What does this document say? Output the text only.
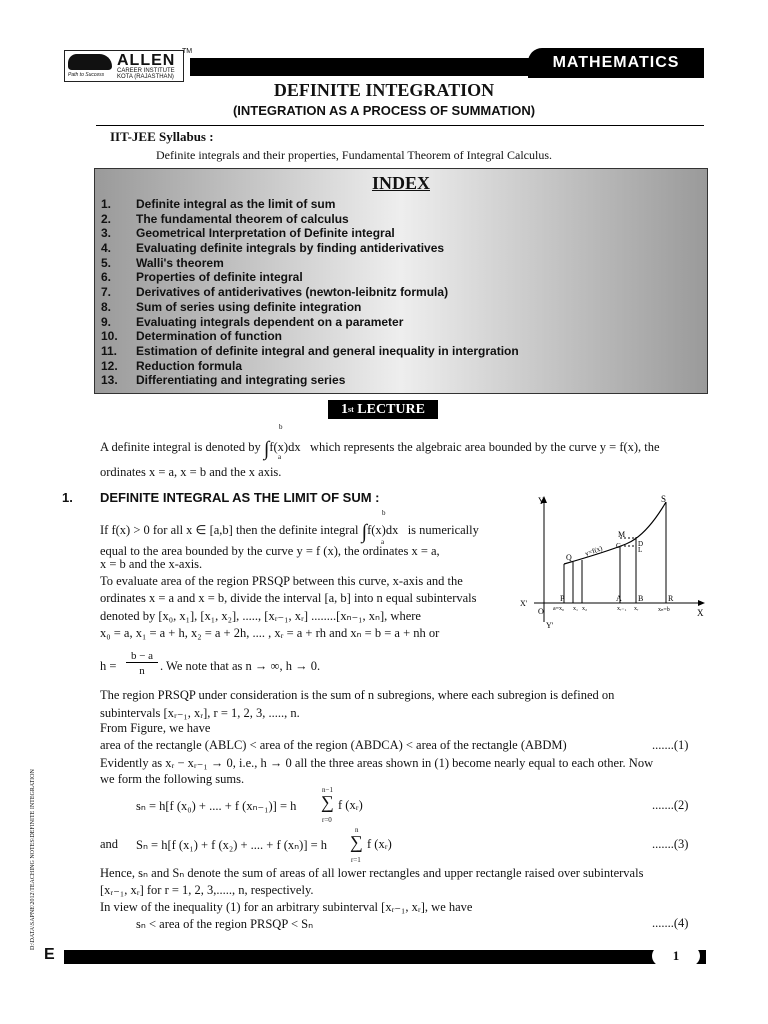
ALLEN
CAREER INSTITUTE KOTA (RAJASTHAN)
Path to Success
TM
MATHEMATICS
DEFINITE INTEGRATION
(INTEGRATION AS A PROCESS OF SUMMATION)
IIT-JEE Syllabus :
Definite integrals and their properties, Fundamental Theorem of Integral Calculus.
INDEX
1.	Definite integral as the limit of sum
2.	The fundamental theorem of calculus
3.	Geometrical Interpretation of Definite integral
4.	Evaluating definite integrals by finding antiderivatives
5.	Walli's theorem
6.	Properties of definite integral
7.	Derivatives of antiderivatives (newton-leibnitz formula)
8.	Sum of series using definite integration
9.	Evaluating integrals dependent on a parameter
10.	Determination of function
11.	Estimation of definite integral and general inequality in intergration
12.	Reduction formula
13.	Differentiating and integrating series
1 st
LECTURE
b
A definite integral is denoted by ∫f(x)dx which represents the algebraic area bounded by the curve y = f(x), the
a
ordinates x = a, x = b and the x axis.
1. DEFINITE INTEGRAL AS THE LIMIT OF SUM :
If f(x) > 0 for all x ∈ [a,b] then the definite integral ∫f(x)dx is numerically
b
a
equal to the area bounded by the curve y = f (x), the ordinates x = a,
x = b and the x-axis.
To evaluate area of the region PRSQP between this curve, x-axis and the
ordinates x = a and x = b, divide the interval [a, b] into n equal subintervals
denoted by [x₀, x₁], [x₁, x₂], ....., [xᵣ₋₁, xᵣ] ........[xₙ₋₁, xₙ], where
x₀ = a, x₁ = a + h, x₂ = a + 2h, .... , xᵣ = a + rh and xₙ = b = a + nh or
h =
b − a
n	. We note that as n → ∞, h → 0.
The region PRSQP under consideration is the sum of n subregions, where each subregion is defined on
subintervals [xᵣ₋₁, xᵣ], r = 1, 2, 3, ....., n.
From Figure, we have
area of the rectangle (ABLC) < area of the region (ABDCA) < area of the rectangle (ABDM)	.......(1)
Evidently as xᵣ − xᵣ₋₁ → 0, i.e., h → 0 all the three areas shown in (1) become nearly equal to each other. Now
we form the following sums.
sₙ = h[f (x₀) + .... + f (xₙ₋₁)] = h
n−1
∑
r=0
f (xᵣ)	.......(2)
and Sₙ = h[f (x₁) + f (x₂) + .... + f (xₙ)] = h
n
∑
r=1
f (xᵣ)	.......(3)
Hence, sₙ and Sₙ denote the sum of areas of all lower rectangles and upper rectangle raised over subintervals
[xᵣ₋₁, xᵣ] for r = 1, 2, 3,....., n, respectively.
In view of the inequality (1) for an arbitrary subinterval [xᵣ₋₁, xᵣ], we have
sₙ < area of the region PRSQP < Sₙ	.......(4)
Y
Y'
X'
X
O
S
M
D
C L
Q
P	A B	R
y=f(x)
a=x₀ x₁ x₂	xᵣ₋₁ xᵣ	xₙ=b
D:\DATA\SAPNE\2012\TEACHING NOTES\DEFINITE INTEGRATION
E	1
